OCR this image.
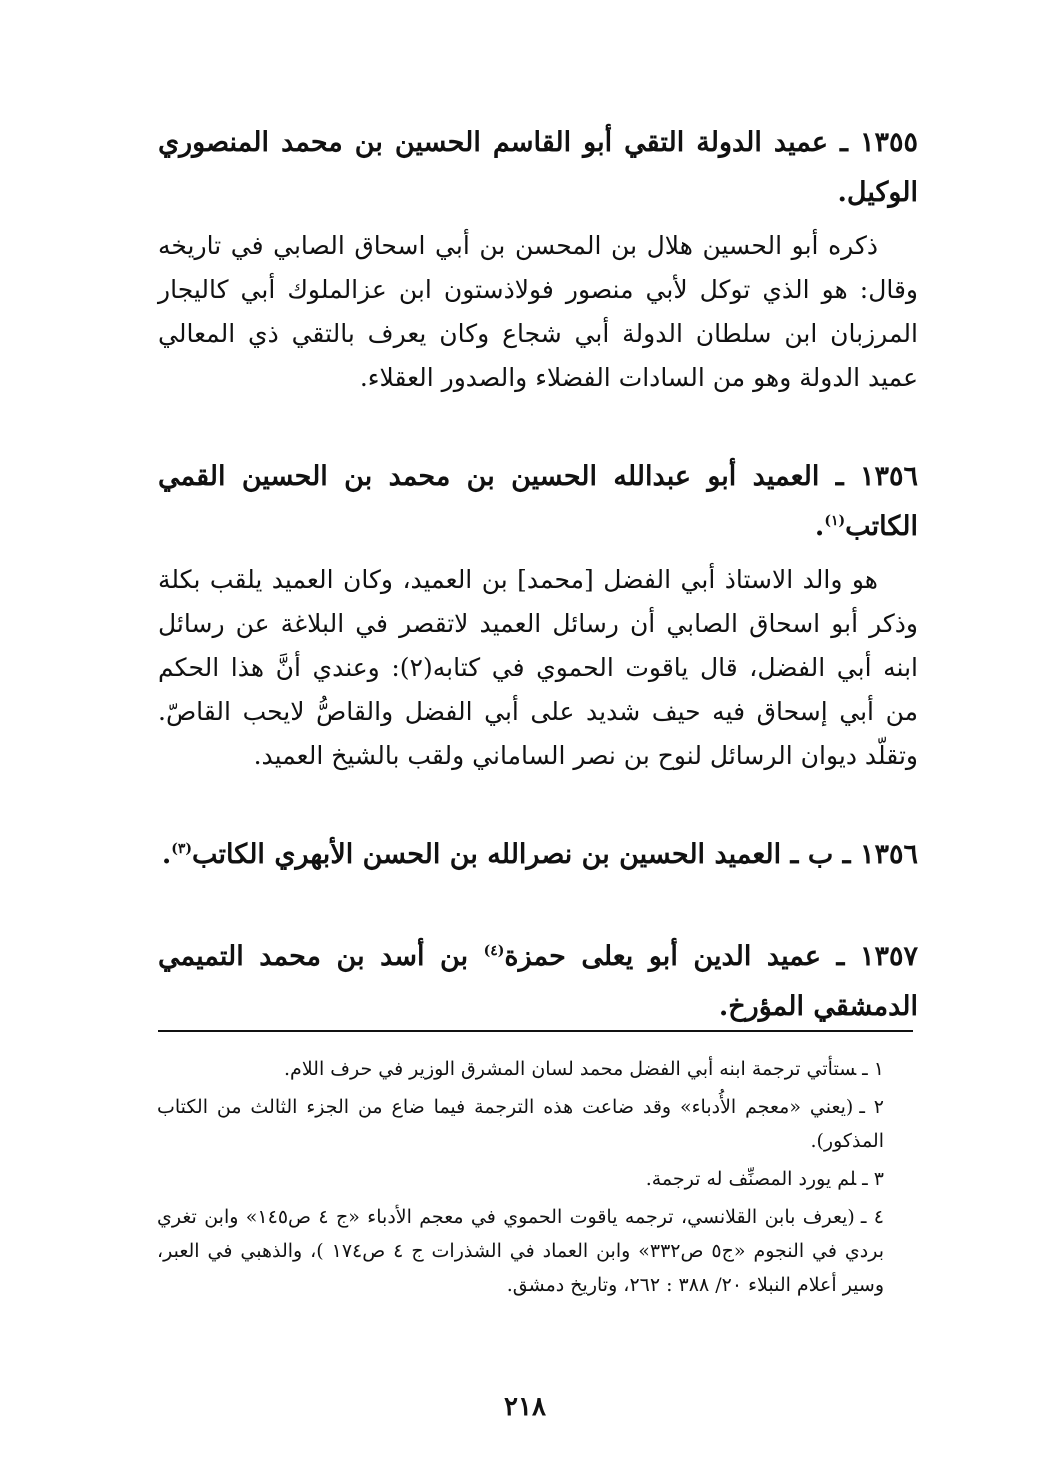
١٣٥٥ ـ عميد الدولة التقي أبو القاسم الحسين بن محمد المنصوري الوكيل.

ذكره أبو الحسين هلال بن المحسن بن أبي اسحاق الصابي في تاريخه وقال: هو الذي توكل لأبي منصور فولاذستون ابن عزالملوك أبي كاليجار المرزبان ابن سلطان الدولة أبي شجاع وكان يعرف بالتقي ذي المعالي عميد الدولة وهو من السادات الفضلاء والصدور العقلاء.

١٣٥٦ ـ العميد أبو عبدالله الحسين بن محمد بن الحسين القمي الكاتب$^{(١)}$.

هو والد الاستاذ أبي الفضل [محمد] بن العميد، وكان العميد يلقب بكلة وذكر أبو اسحاق الصابي أن رسائل العميد لاتقصر في البلاغة عن رسائل ابنه أبي الفضل، قال ياقوت الحموي في كتابه(٢): وعندي أنَّ هذا الحكم من أبي إسحاق فيه حيف شديد على أبي الفضل والقاصُّ لايحب القاصّ. وتقلّد ديوان الرسائل لنوح بن نصر الساماني ولقب بالشيخ العميد.

١٣٥٦ ـ ب ـ العميد الحسين بن نصرالله بن الحسن الأبهري الكاتب$^{(٣)}$.

١٣٥٧ ـ عميد الدين أبو يعلى حمزة$^{(٤)}$ بن أسد بن محمد التميمي الدمشقي المؤرخ.

١ ـستأتي ترجمة ابنه أبي الفضل محمد لسان المشرق الوزير في حرف اللام.

٢ ـ(يعني «معجم الأُدباء» وقد ضاعت هذه الترجمة فيما ضاع من الجزء الثالث من الكتاب المذكور).

٣ ـلم يورد المصنِّف له ترجمة.

٤ ـ(يعرف بابن القلانسي، ترجمه ياقوت الحموي في معجم الأدباء «ج ٤ ص١٤٥» وابن تغري بردي في النجوم «ج٥ ص٣٣٢» وابن العماد في الشذرات ج ٤ ص١٧٤ )، والذهبي في العبر، وسير أعلام النبلاء ٢٠/ ٣٨٨ : ٢٦٢، وتاريخ دمشق.

٢١٨
